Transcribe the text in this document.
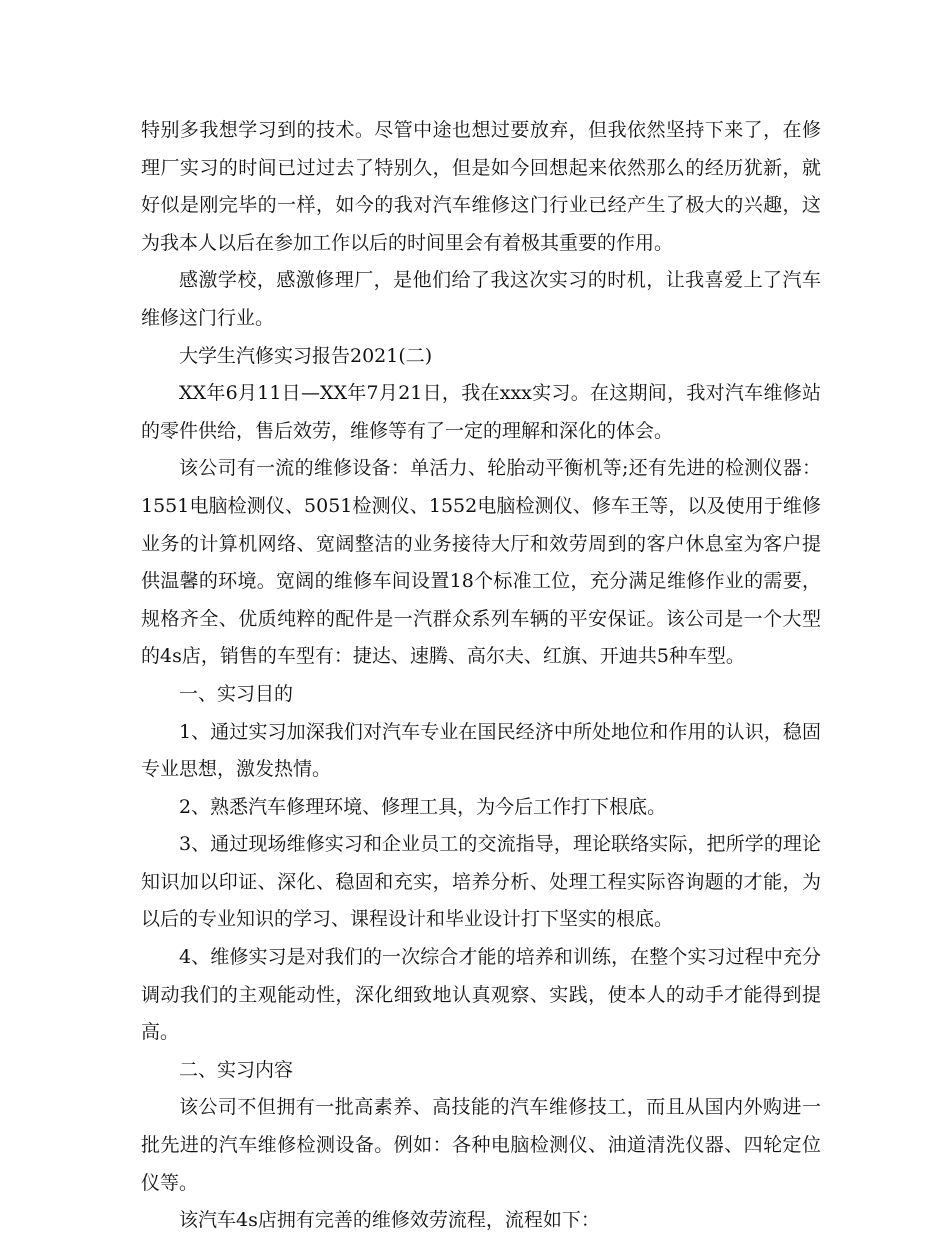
特别多我想学习到的技术。尽管中途也想过要放弃，但我依然坚持下来了，在修理厂实习的时间已过过去了特别久，但是如今回想起来依然那么的经历犹新，就好似是刚完毕的一样，如今的我对汽车维修这门行业已经产生了极大的兴趣，这为我本人以后在参加工作以后的时间里会有着极其重要的作用。

感激学校，感激修理厂，是他们给了我这次实习的时机，让我喜爱上了汽车维修这门行业。

大学生汽修实习报告2021(二)

XX年6月11日—XX年7月21日，我在xxx实习。在这期间，我对汽车维修站的零件供给，售后效劳，维修等有了一定的理解和深化的体会。

该公司有一流的维修设备：单活力、轮胎动平衡机等;还有先进的检测仪器：1551电脑检测仪、5051检测仪、1552电脑检测仪、修车王等，以及使用于维修业务的计算机网络、宽阔整洁的业务接待大厅和效劳周到的客户休息室为客户提供温馨的环境。宽阔的维修车间设置18个标准工位，充分满足维修作业的需要，规格齐全、优质纯粹的配件是一汽群众系列车辆的平安保证。该公司是一个大型的4s店，销售的车型有：捷达、速腾、高尔夫、红旗、开迪共5种车型。

一、实习目的

1、通过实习加深我们对汽车专业在国民经济中所处地位和作用的认识，稳固专业思想，激发热情。

2、熟悉汽车修理环境、修理工具，为今后工作打下根底。

3、通过现场维修实习和企业员工的交流指导，理论联络实际，把所学的理论知识加以印证、深化、稳固和充实，培养分析、处理工程实际咨询题的才能，为以后的专业知识的学习、课程设计和毕业设计打下坚实的根底。

4、维修实习是对我们的一次综合才能的培养和训练，在整个实习过程中充分调动我们的主观能动性，深化细致地认真观察、实践，使本人的动手才能得到提高。

二、实习内容

该公司不但拥有一批高素养、高技能的汽车维修技工，而且从国内外购进一批先进的汽车维修检测设备。例如：各种电脑检测仪、油道清洗仪器、四轮定位仪等。

该汽车4s店拥有完善的维修效劳流程，流程如下：
